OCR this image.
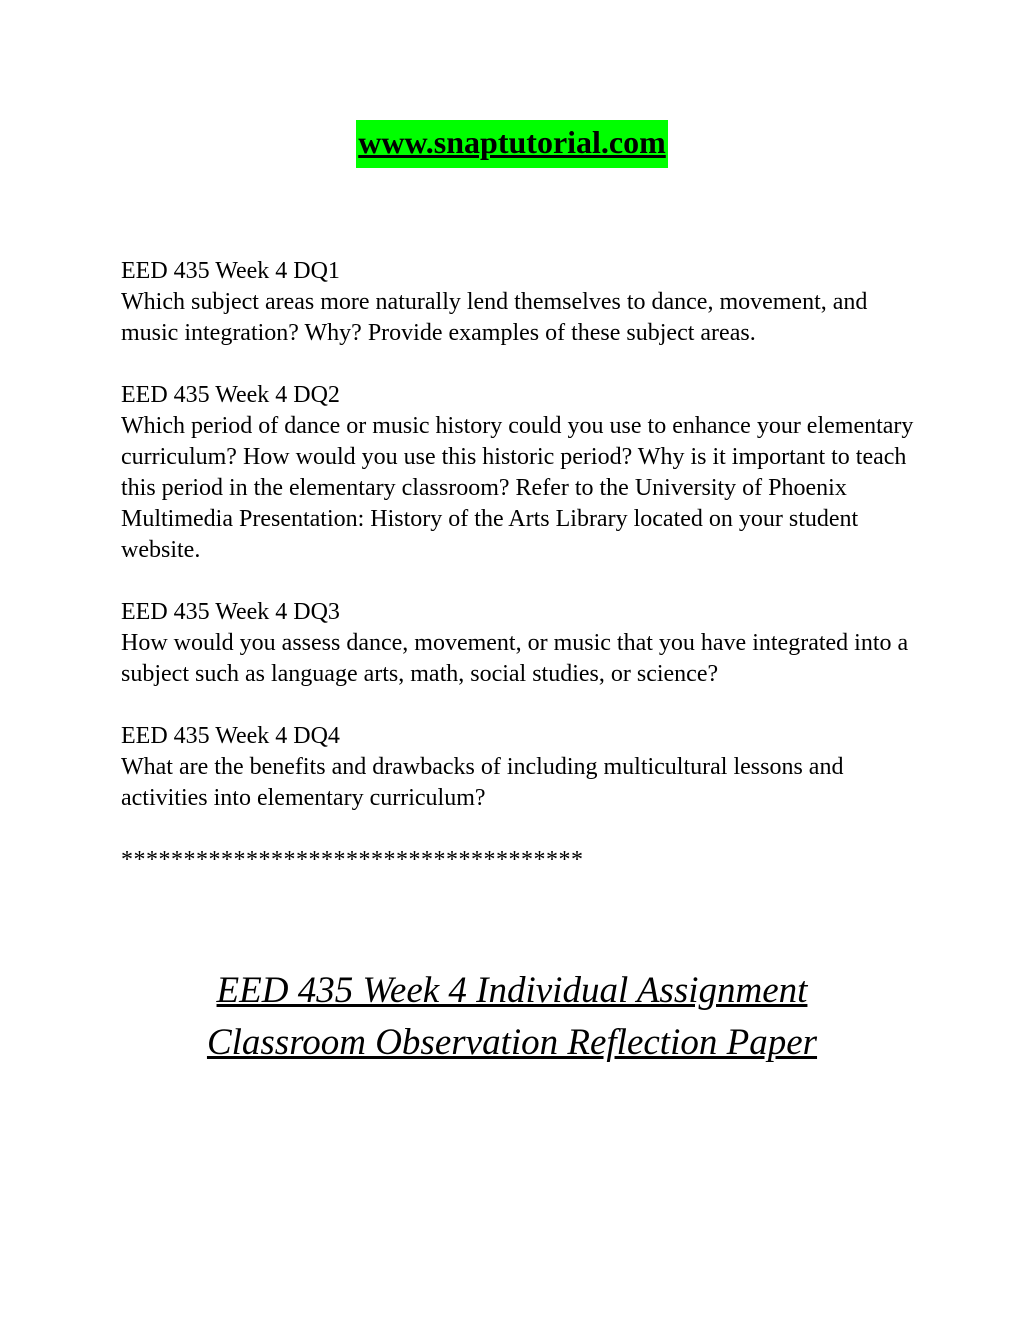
www.snaptutorial.com
EED 435 Week 4 DQ1
Which subject areas more naturally lend themselves to dance, movement, and music integration? Why? Provide examples of these subject areas.
EED 435 Week 4 DQ2
Which period of dance or music history could you use to enhance your elementary curriculum? How would you use this historic period? Why is it important to teach this period in the elementary classroom? Refer to the University of Phoenix Multimedia Presentation: History of the Arts Library located on your student website.
EED 435 Week 4 DQ3
How would you assess dance, movement, or music that you have integrated into a subject such as language arts, math, social studies, or science?
EED 435 Week 4 DQ4
What are the benefits and drawbacks of including multicultural lessons and activities into elementary curriculum?
*************************************
EED 435 Week 4 Individual Assignment
Classroom Observation Reflection Paper
